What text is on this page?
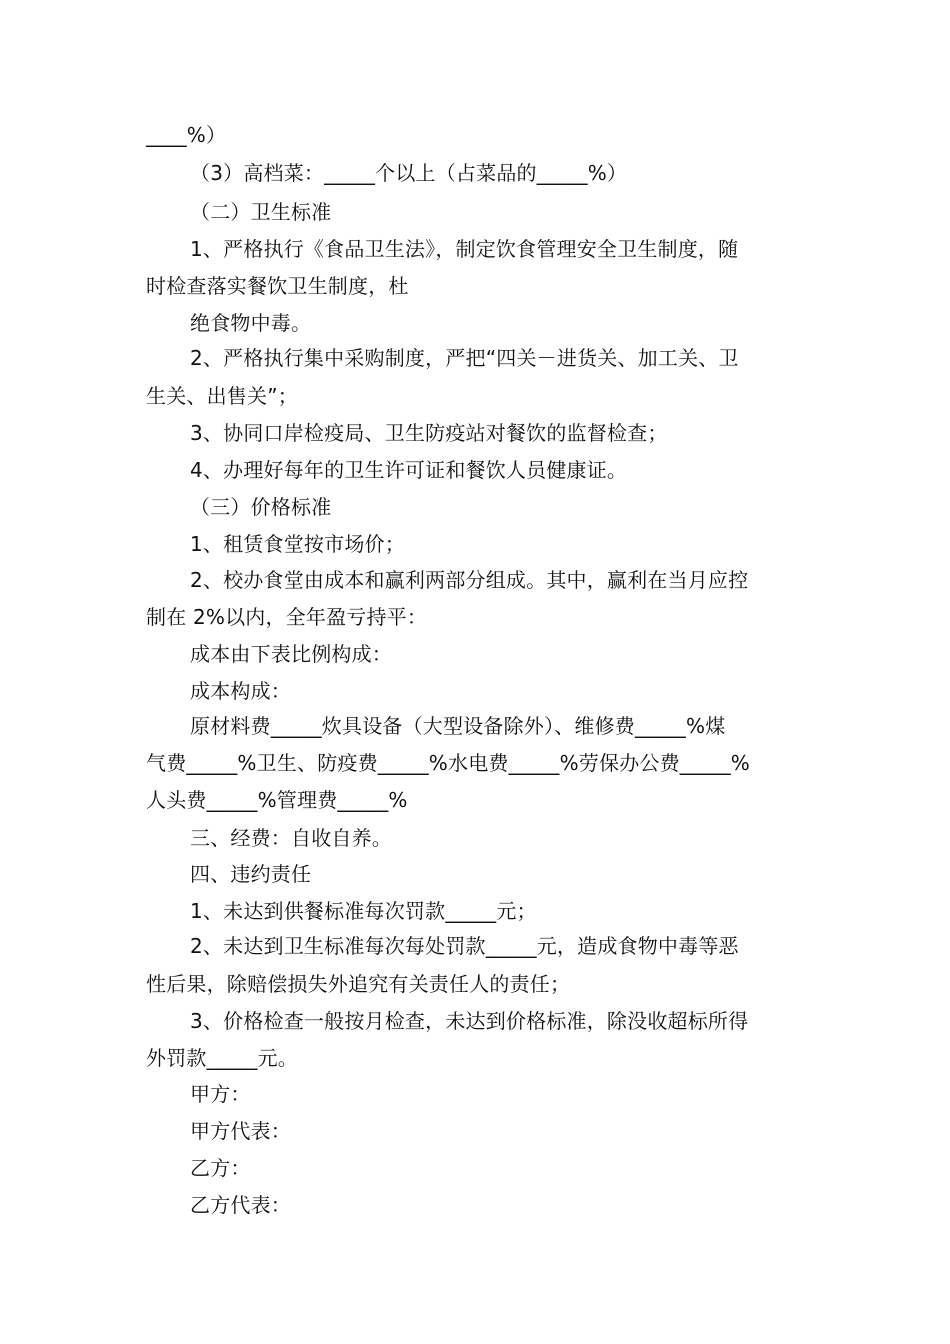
____%）
（3）高档菜：_____个以上（占菜品的_____%）
（二）卫生标准
1、严格执行《食品卫生法》，制定饮食管理安全卫生制度，随
时检查落实餐饮卫生制度，杜
绝食物中毒。
2、严格执行集中采购制度，严把“四关－进货关、加工关、卫
生关、出售关”；
3、协同口岸检疫局、卫生防疫站对餐饮的监督检查；
4、办理好每年的卫生许可证和餐饮人员健康证。
（三）价格标准
1、租赁食堂按市场价；
2、校办食堂由成本和赢利两部分组成。其中，赢利在当月应控
制在 2%以内，全年盈亏持平：
成本由下表比例构成：
成本构成：
原材料费_____炊具设备（大型设备除外）、维修费_____%煤
气费_____%卫生、防疫费_____%水电费_____%劳保办公费_____%
人头费_____%管理费_____%
三、经费：自收自养。
四、违约责任
1、未达到供餐标准每次罚款_____元；
2、未达到卫生标准每次每处罚款_____元，造成食物中毒等恶
性后果，除赔偿损失外追究有关责任人的责任；
3、价格检查一般按月检查，未达到价格标准，除没收超标所得
外罚款_____元。
甲方：
甲方代表：
乙方：
乙方代表：
